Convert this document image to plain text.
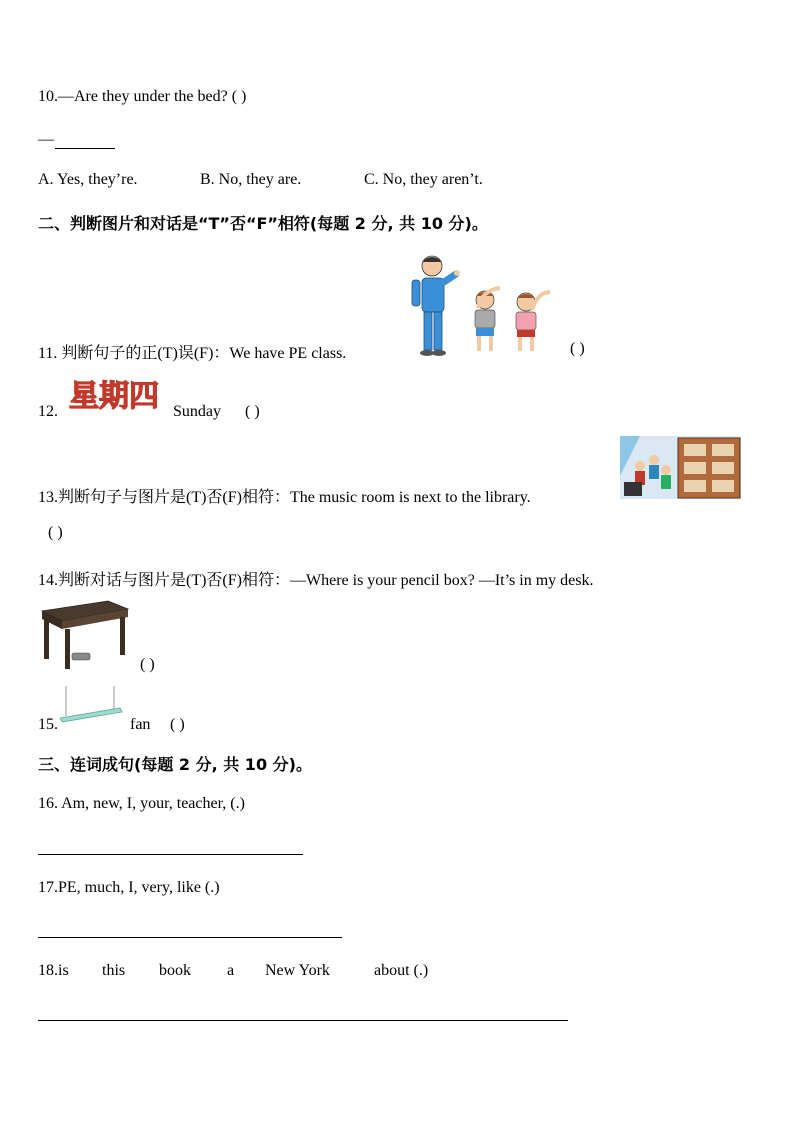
10.—Are they under the bed? ( )
—
A. Yes, they’re.	B. No, they are.	C. No, they aren’t.
二、判断图片和对话是“T”否“F”相符(每题 2 分, 共 10 分)。
11. 判断句子的正(T)误(F)：We have PE class.	( )
12. 星期四 Sunday ( )
13.判断句子与图片是(T)否(F)相符：The music room is next to the library.
( )
14.判断对话与图片是(T)否(F)相符：—Where is your pencil box? —It’s in my desk.
( )
15.	fan ( )
三、连词成句(每题 2 分, 共 10 分)。
16. Am, new, I, your, teacher, (.)
17.PE, much, I, very, like (.)
18.is this book a New York	about (.)
